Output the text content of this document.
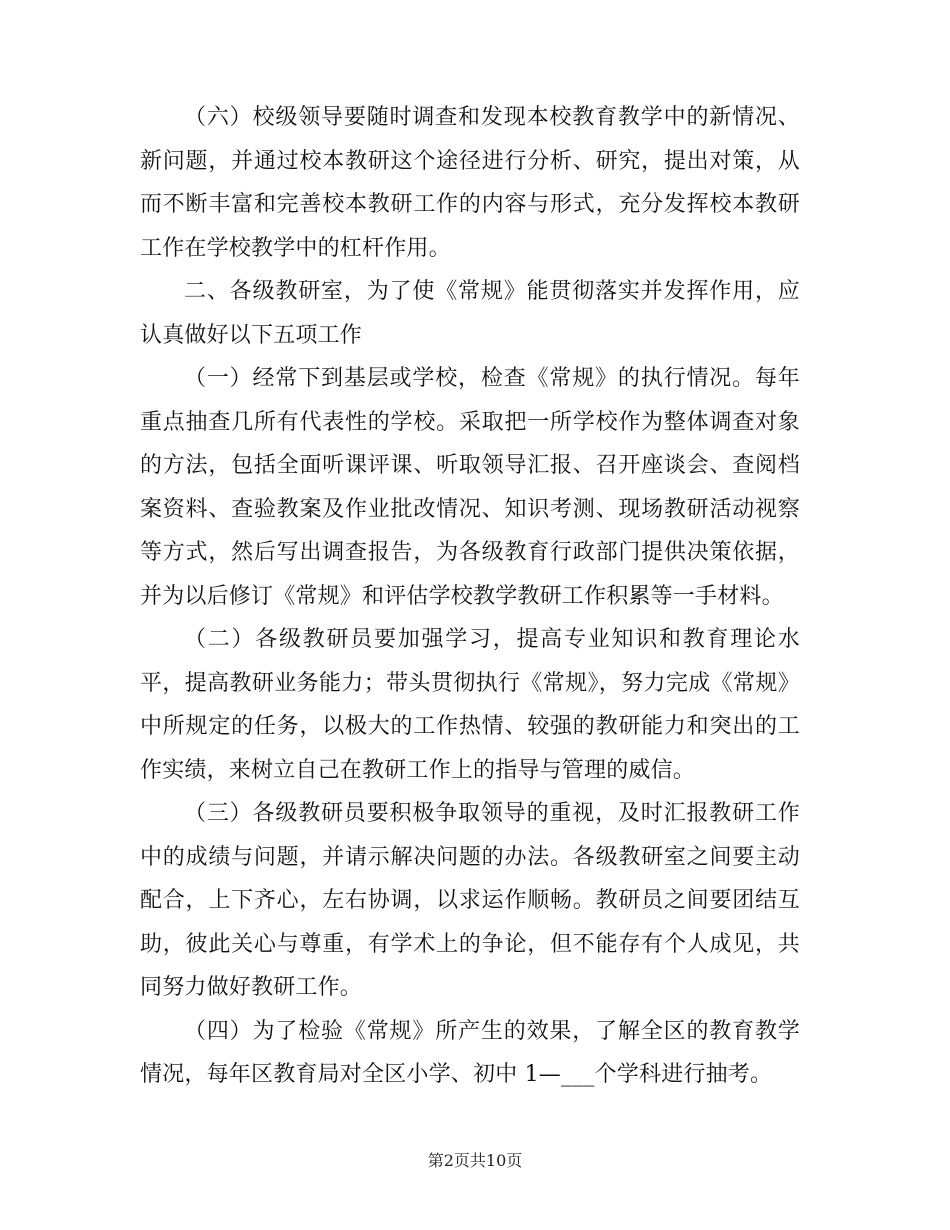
（六）校级领导要随时调查和发现本校教育教学中的新情况、新问题，并通过校本教研这个途径进行分析、研究，提出对策，从而不断丰富和完善校本教研工作的内容与形式，充分发挥校本教研工作在学校教学中的杠杆作用。

二、各级教研室，为了使《常规》能贯彻落实并发挥作用，应认真做好以下五项工作

（一）经常下到基层或学校，检查《常规》的执行情况。每年重点抽查几所有代表性的学校。采取把一所学校作为整体调查对象的方法，包括全面听课评课、听取领导汇报、召开座谈会、查阅档案资料、查验教案及作业批改情况、知识考测、现场教研活动视察等方式，然后写出调查报告，为各级教育行政部门提供决策依据，并为以后修订《常规》和评估学校教学教研工作积累等一手材料。

（二）各级教研员要加强学习，提高专业知识和教育理论水平，提高教研业务能力；带头贯彻执行《常规》，努力完成《常规》中所规定的任务，以极大的工作热情、较强的教研能力和突出的工作实绩，来树立自己在教研工作上的指导与管理的威信。

（三）各级教研员要积极争取领导的重视，及时汇报教研工作中的成绩与问题，并请示解决问题的办法。各级教研室之间要主动配合，上下齐心，左右协调，以求运作顺畅。教研员之间要团结互助，彼此关心与尊重，有学术上的争论，但不能存有个人成见，共同努力做好教研工作。

（四）为了检验《常规》所产生的效果，了解全区的教育教学情况，每年区教育局对全区小学、初中 1—___个学科进行抽考。

第2页共10页
